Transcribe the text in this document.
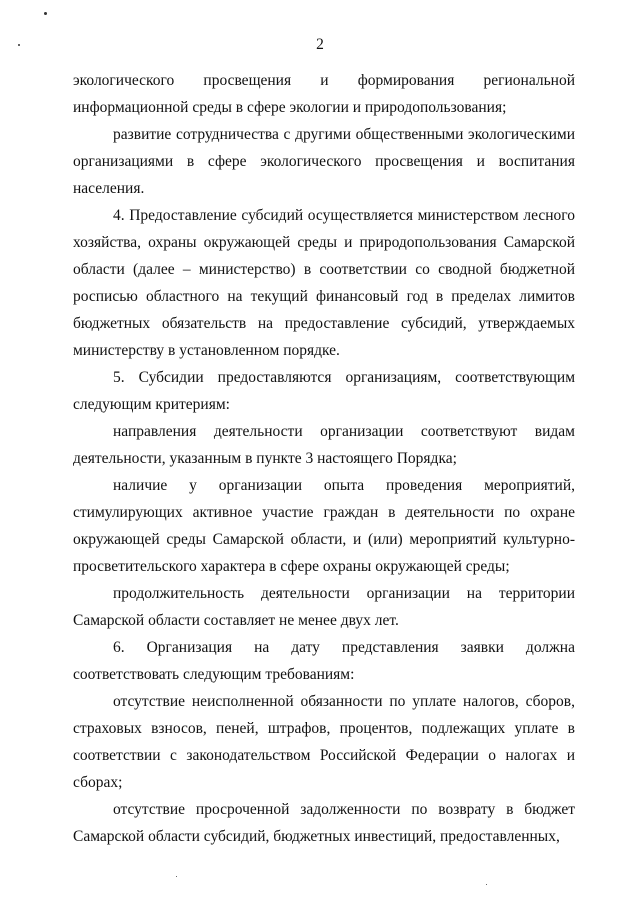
2

экологического просвещения и формирования региональной информационной среды в сфере экологии и природопользования;

развитие сотрудничества с другими общественными экологическими организациями в сфере экологического просвещения и воспитания населения.

4. Предоставление субсидий осуществляется министерством лесного хозяйства, охраны окружающей среды и природопользования Самарской области (далее – министерство) в соответствии со сводной бюджетной росписью областного на текущий финансовый год в пределах лимитов бюджетных обязательств на предоставление субсидий, утверждаемых министерству в установленном порядке.

5. Субсидии предоставляются организациям, соответствующим следующим критериям:

направления деятельности организации соответствуют видам деятельности, указанным в пункте 3 настоящего Порядка;

наличие у организации опыта проведения мероприятий, стимулирующих активное участие граждан в деятельности по охране окружающей среды Самарской области, и (или) мероприятий культурно-просветительского характера в сфере охраны окружающей среды;

продолжительность деятельности организации на территории Самарской области составляет не менее двух лет.

6. Организация на дату представления заявки должна соответствовать следующим требованиям:

отсутствие неисполненной обязанности по уплате налогов, сборов, страховых взносов, пеней, штрафов, процентов, подлежащих уплате в соответствии с законодательством Российской Федерации о налогах и сборах;

отсутствие просроченной задолженности по возврату в бюджет Самарской области субсидий, бюджетных инвестиций, предоставленных,
